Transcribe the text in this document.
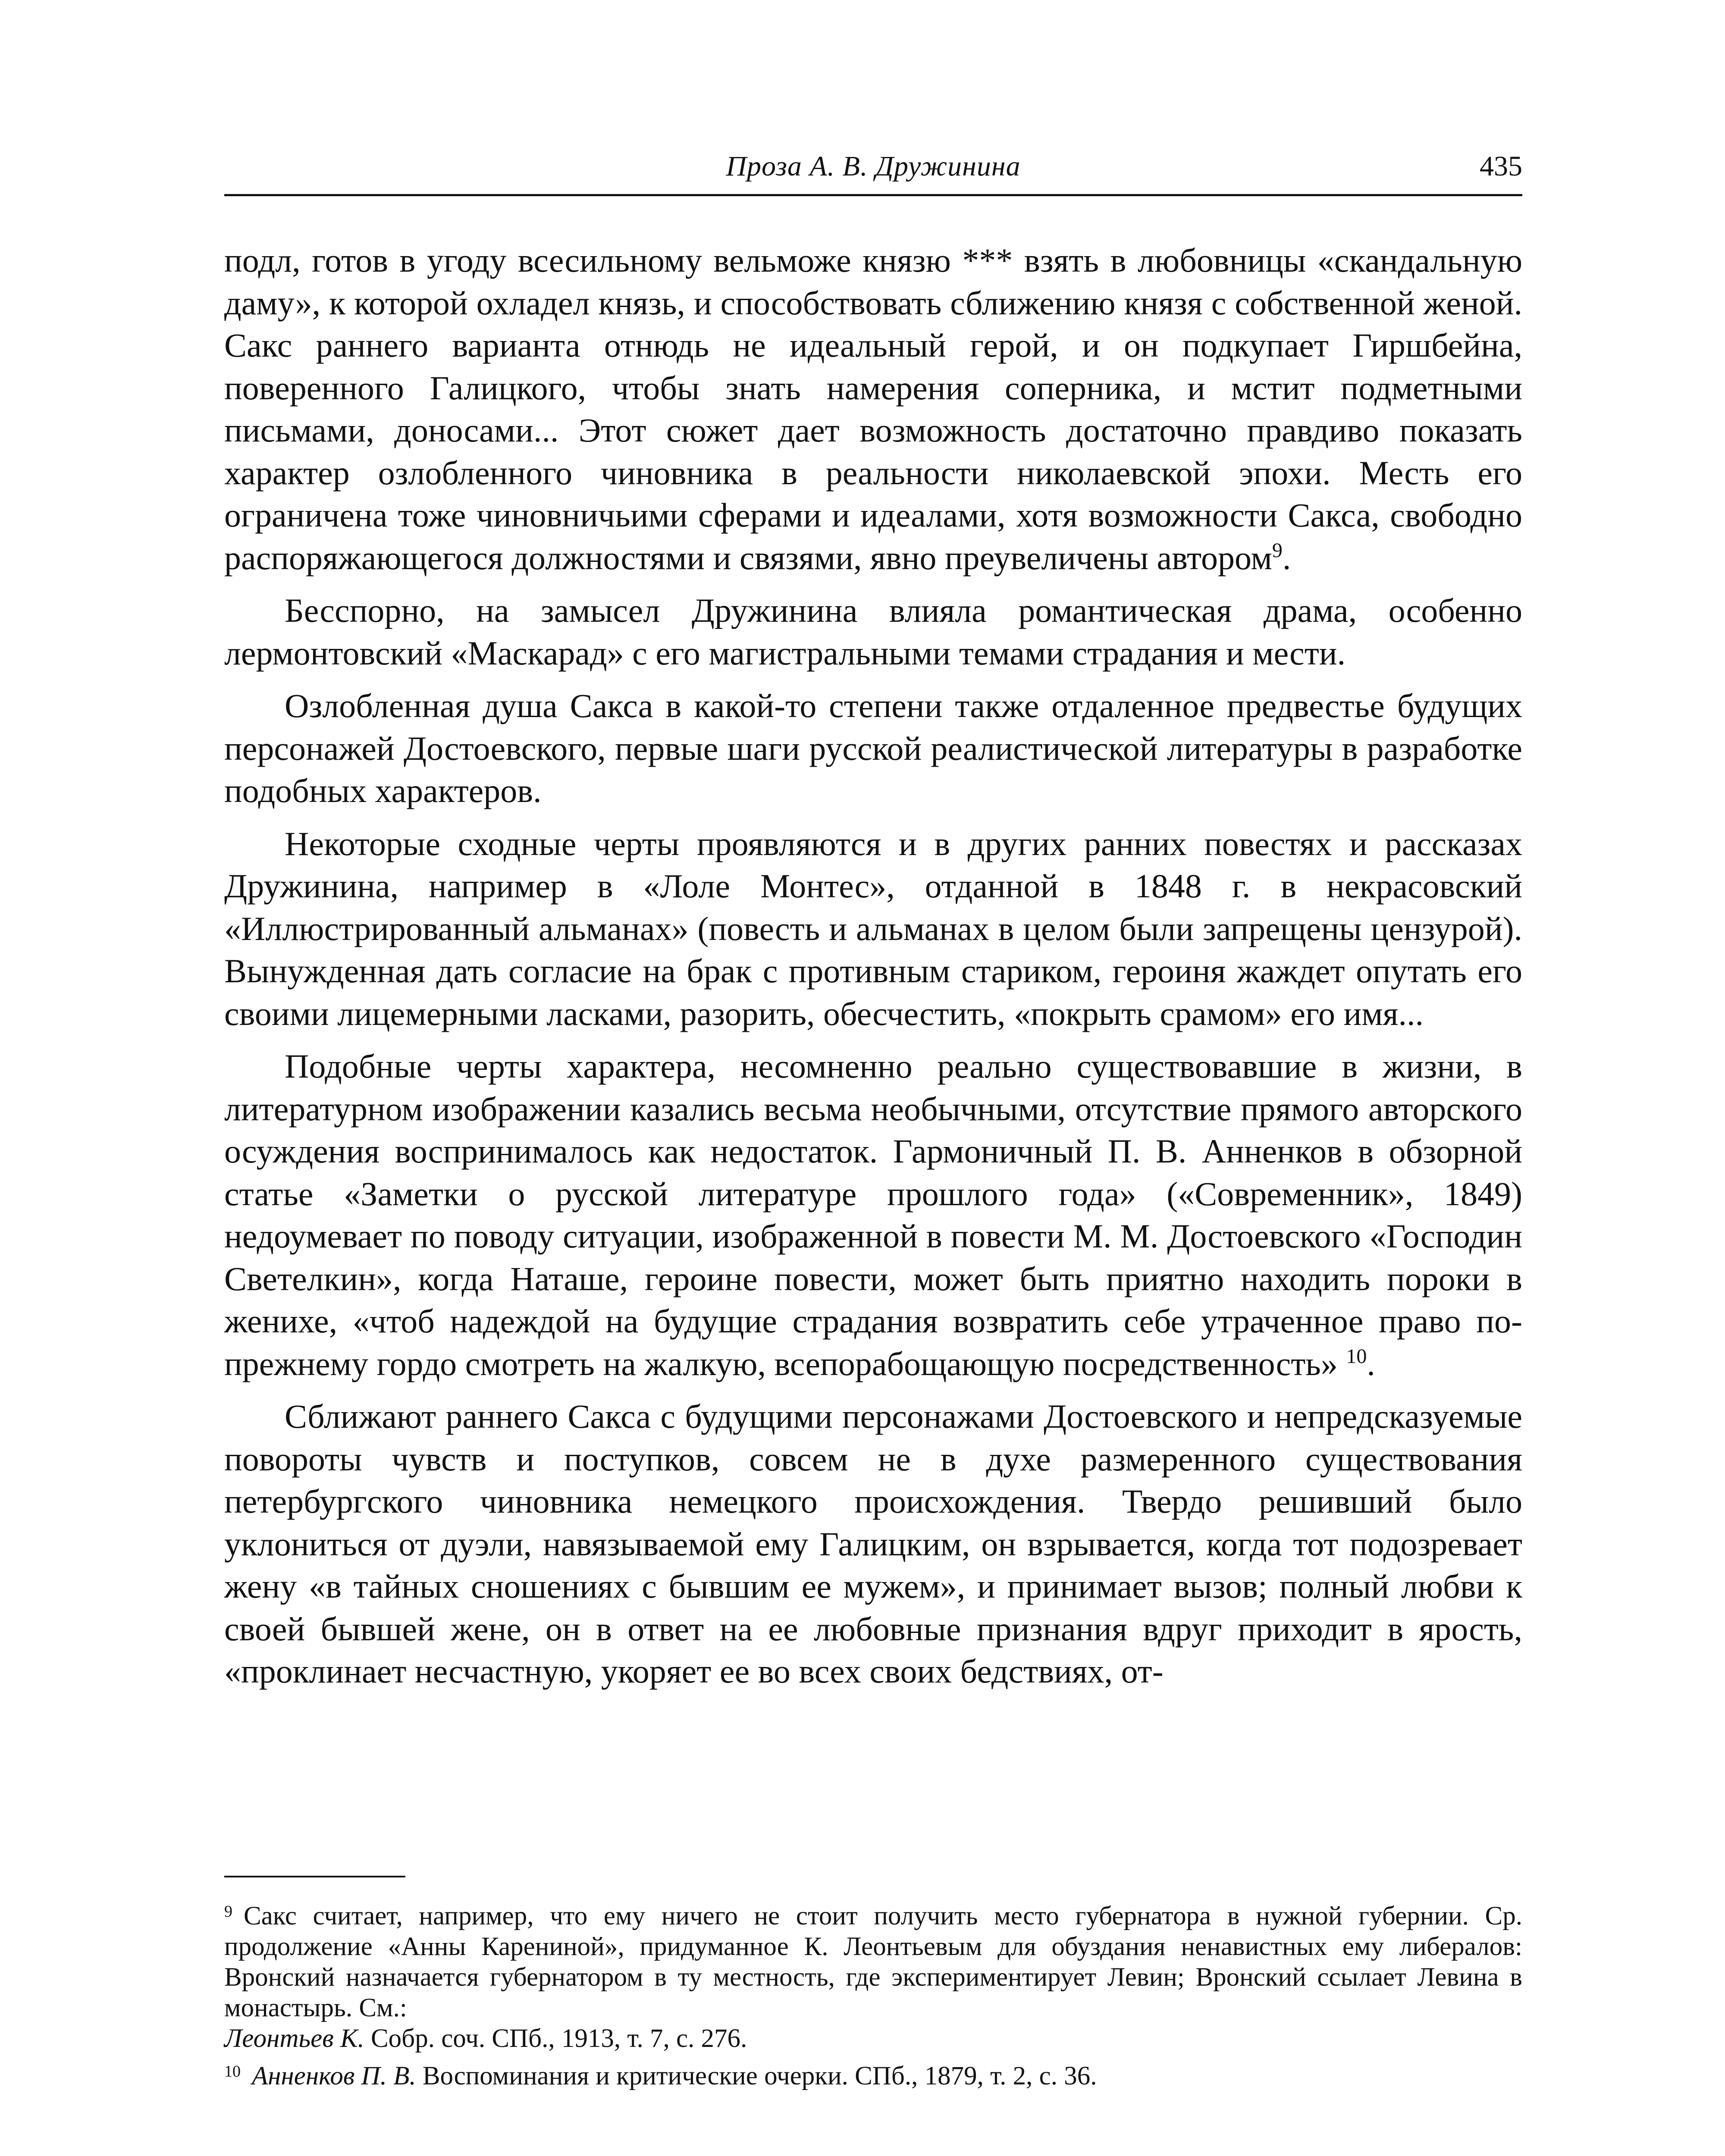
Проза А. В. Дружинина	435

подл, готов в угоду всесильному вельможе князю *** взять в любовницы «скандальную даму», к которой охладел князь, и способствовать сближению князя с собственной женой. Сакс раннего варианта отнюдь не идеальный герой, и он подкупает Гиршбейна, поверенного Галицкого, чтобы знать намерения соперника, и мстит подметными письмами, доносами... Этот сюжет дает возможность достаточно правдиво показать характер озлобленного чиновника в реальности николаевской эпохи. Месть его ограничена тоже чиновничьими сферами и идеалами, хотя возможности Сакса, свободно распоряжающегося должностями и связями, явно преувеличены автором$^9$.

Бесспорно, на замысел Дружинина влияла романтическая драма, особенно лермонтовский «Маскарад» с его магистральными темами страдания и мести.

Озлобленная душа Сакса в какой-то степени также отдаленное предвестье будущих персонажей Достоевского, первые шаги русской реалистической литературы в разработке подобных характеров.

Некоторые сходные черты проявляются и в других ранних повестях и рассказах Дружинина, например в «Лоле Монтес», отданной в 1848 г. в некрасовский «Иллюстрированный альманах» (повесть и альманах в целом были запрещены цензурой). Вынужденная дать согласие на брак с противным стариком, героиня жаждет опутать его своими лицемерными ласками, разорить, обесчестить, «покрыть срамом» его имя...

Подобные черты характера, несомненно реально существовавшие в жизни, в литературном изображении казались весьма необычными, отсутствие прямого авторского осуждения воспринималось как недостаток. Гармоничный П. В. Анненков в обзорной статье «Заметки о русской литературе прошлого года» («Современник», 1849) недоумевает по поводу ситуации, изображенной в повести М. М. Достоевского «Господин Светелкин», когда Наташе, героине повести, может быть приятно находить пороки в женихе, «чтоб надеждой на будущие страдания возвратить себе утраченное право по-прежнему гордо смотреть на жалкую, всепорабощающую посредственность» $^{10}$.

Сближают раннего Сакса с будущими персонажами Достоевского и непредсказуемые повороты чувств и поступков, совсем не в духе размеренного существования петербургского чиновника немецкого происхождения. Твердо решивший было уклониться от дуэли, навязываемой ему Галицким, он взрывается, когда тот подозревает жену «в тайных сношениях с бывшим ее мужем», и принимает вызов; полный любви к своей бывшей жене, он в ответ на ее любовные признания вдруг приходит в ярость, «проклинает несчастную, укоряет ее во всех своих бедствиях, от-

$^9$ Сакс считает, например, что ему ничего не стоит получить место губернатора в нужной губернии. Ср. продолжение «Анны Карениной», придуманное К. Леонтьевым для обуздания ненавистных ему либералов: Вронский назначается губернатором в ту местность, где экспериментирует Левин; Вронский ссылает Левина в монастырь. См.:
Леонтьев К. Собр. соч. СПб., 1913, т. 7, с. 276.

$^{10}$ Анненков П. В. Воспоминания и критические очерки. СПб., 1879, т. 2, с. 36.
